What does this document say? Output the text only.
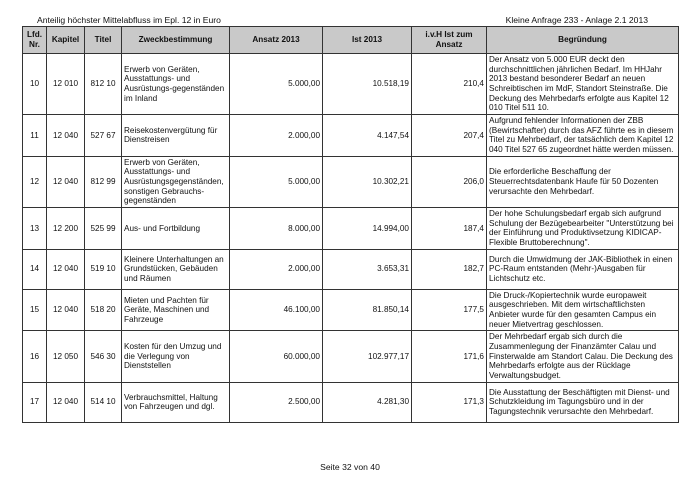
Anteilig höchster Mittelabfluss im Epl. 12 in Euro	Kleine Anfrage 233 - Anlage 2.1 2013
Lfd. Nr.	Kapitel	Titel	Zweckbestimmung	Ansatz 2013	Ist 2013	i.v.H Ist zum Ansatz	Begründung
10	12 010	812 10	Erwerb von Geräten, Ausstattungs- und Ausrüstungs-gegenständen im Inland	5.000,00	10.518,19	210,4	Der Ansatz von 5.000 EUR deckt den durchschnittlichen jährlichen Bedarf. Im HHJahr 2013 bestand besonderer Bedarf an neuen Schreibtischen im MdF, Standort Steinstraße. Die Deckung des Mehrbedarfs erfolgte aus Kapitel 12 010 Titel 511 10.
11	12 040	527 67	Reisekostenvergütung für Dienstreisen	2.000,00	4.147,54	207,4	Aufgrund fehlender Informationen der ZBB (Bewirtschafter) durch das AFZ führte es in diesem Titel zu Mehrbedarf, der tatsächlich dem Kapitel 12 040 Titel 527 65 zugeordnet hätte werden müssen.
12	12 040	812 99	Erwerb von Geräten, Ausstattungs- und Ausrüstungsgegenständen, sonstigen Gebrauchs-gegenständen	5.000,00	10.302,21	206,0	Die erforderliche Beschaffung der Steuerrechtsdatenbank Haufe für 50 Dozenten verursachte den Mehrbedarf.
13	12 200	525 99	Aus- und Fortbildung	8.000,00	14.994,00	187,4	Der hohe Schulungsbedarf ergab sich aufgrund Schulung der Bezügebearbeiter "Unterstützung bei der Einführung und Produktivsetzung KIDICAP- Flexible Bruttoberechnung".
14	12 040	519 10	Kleinere Unterhaltungen an Grundstücken, Gebäuden und Räumen	2.000,00	3.653,31	182,7	Durch die Umwidmung der JAK-Bibliothek in einen PC-Raum entstanden (Mehr-)Ausgaben für Lichtschutz etc.
15	12 040	518 20	Mieten und Pachten für Geräte, Maschinen und Fahrzeuge	46.100,00	81.850,14	177,5	Die Druck-/Kopiertechnik wurde europaweit ausgeschrieben. Mit dem wirtschaftlichsten Anbieter wurde für den gesamten Campus ein neuer Mietvertrag geschlossen.
16	12 050	546 30	Kosten für den Umzug und die Verlegung von Dienststellen	60.000,00	102.977,17	171,6	Der Mehrbedarf ergab sich durch die Zusammenlegung der Finanzämter Calau und Finsterwalde am Standort Calau. Die Deckung des Mehrbedarfs erfolgte aus der Rücklage Verwaltungsbudget.
17	12 040	514 10	Verbrauchsmittel, Haltung von Fahrzeugen und dgl.	2.500,00	4.281,30	171,3	Die Ausstattung der Beschäftigten mit Dienst- und Schutzkleidung im Tagungsbüro und in der Tagungstechnik verursachte den Mehrbedarf.
Seite 32 von 40
